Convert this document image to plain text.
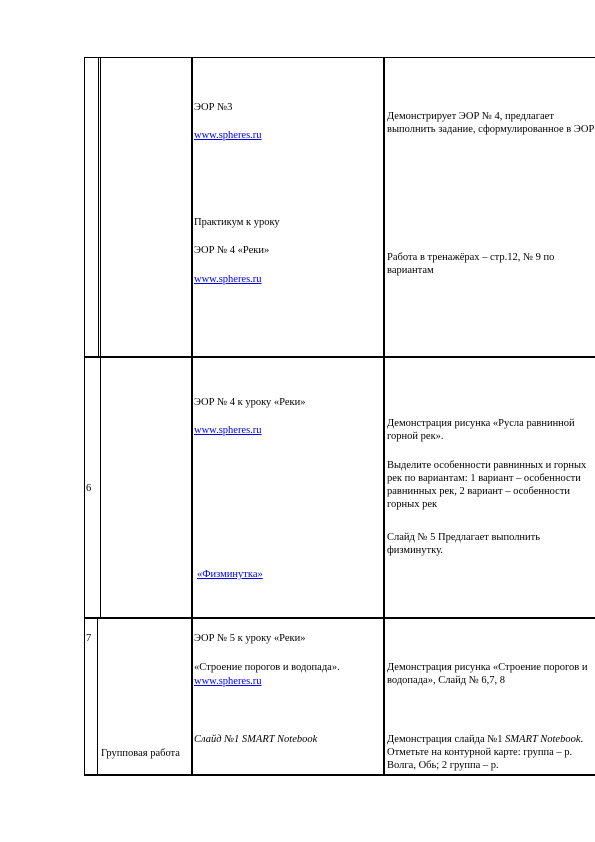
ЭОР №3
www.spheres.ru
Практикум к уроку
ЭОР № 4 «Реки»
www.spheres.ru
Демонстрирует ЭОР № 4, предлагает выполнить задание, сформулированное в ЭОР
Работа в тренажёрах – стр.12, № 9 по вариантам
6
ЭОР № 4 к уроку «Реки»
www.spheres.ru
«Физминутка»
Демонстрация рисунка «Русла равнинной горной рек».
Выделите особенности равнинных и горных рек по вариантам: 1 вариант – особенности равнинных рек, 2 вариант – особенности горных рек
Слайд № 5 Предлагает выполнить физминутку.
7
Групповая работа
ЭОР № 5 к уроку «Реки»
«Строение порогов и водопада».
www.spheres.ru
Слайд №1 SMART Notebook
Демонстрация рисунка «Строение порогов и водопада», Слайд № 6,7, 8
Демонстрация слайда №1 SMART Notebook. Отметьте на контурной карте: группа – р. Волга, Обь; 2 группа – р.
